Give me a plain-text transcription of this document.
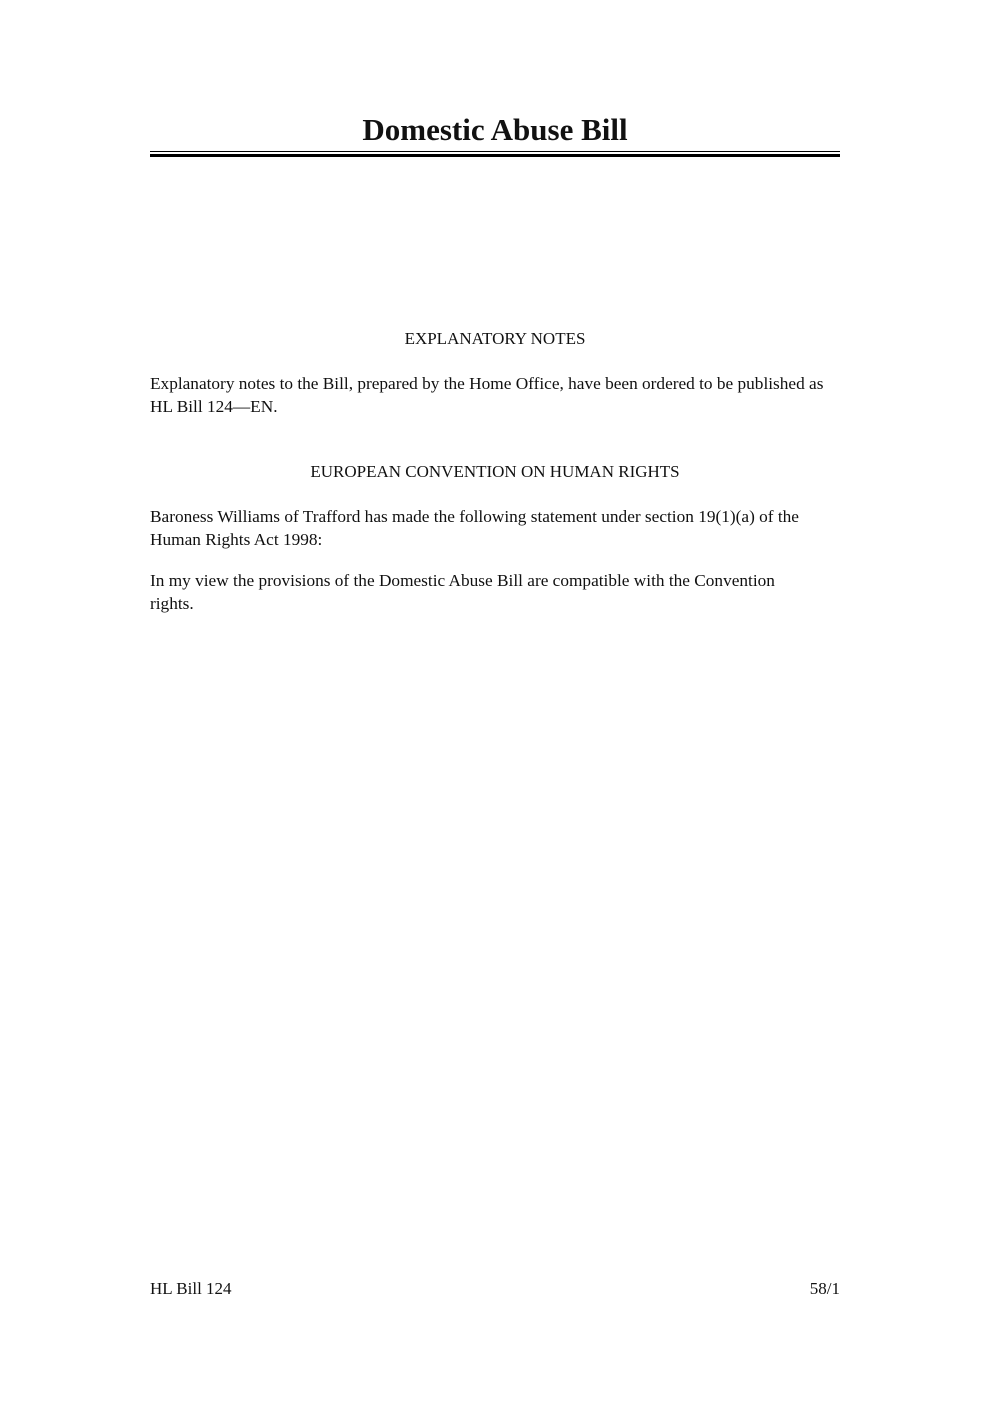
Domestic Abuse Bill
EXPLANATORY NOTES
Explanatory notes to the Bill, prepared by the Home Office, have been ordered to be published as HL Bill 124—EN.
EUROPEAN CONVENTION ON HUMAN RIGHTS
Baroness Williams of Trafford has made the following statement under section 19(1)(a) of the Human Rights Act 1998:
In my view the provisions of the Domestic Abuse Bill are compatible with the Convention rights.
HL Bill 124	58/1
